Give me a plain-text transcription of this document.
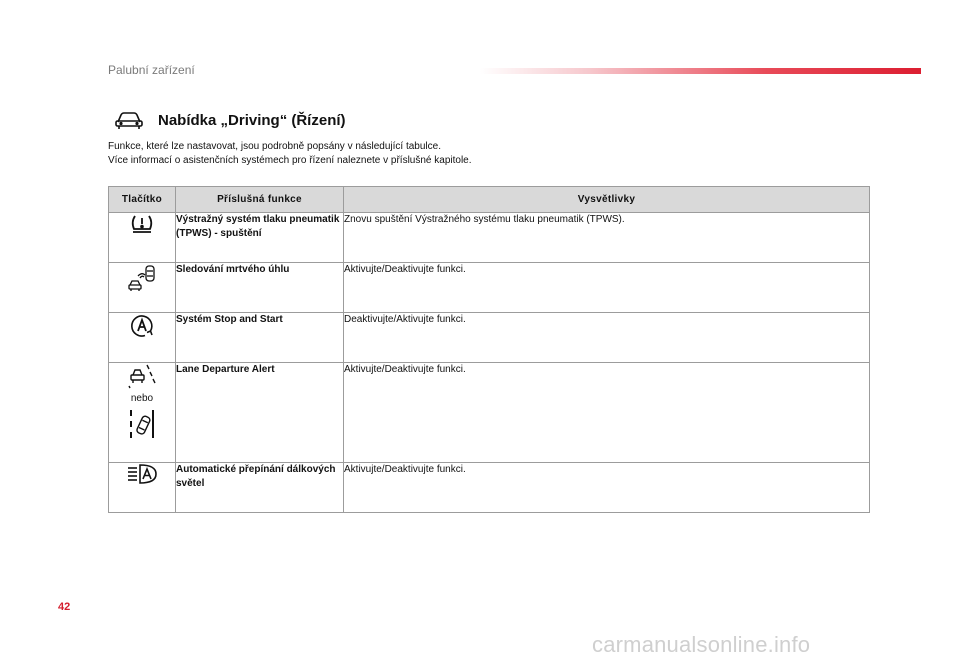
Palubní zařízení
Nabídka „Driving“ (Řízení)
Funkce, které lze nastavovat, jsou podrobně popsány v následující tabulce.
Více informací o asistenčních systémech pro řízení naleznete v příslušné kapitole.
Tlačítko	Příslušná funkce	Vysvětlivky

	Výstražný systém tlaku pneumatik (TPWS) - spuštění	Znovu spuštění Výstražného systému tlaku pneumatik (TPWS).

	Sledování mrtvého úhlu	Aktivujte/Deaktivujte funkci.

	Systém Stop and Start	Deaktivujte/Aktivujte funkci.

nebo	Lane Departure Alert	Aktivujte/Deaktivujte funkci.

	Automatické přepínání dálkových světel	Aktivujte/Deaktivujte funkci.
42
carmanualsonline.info
